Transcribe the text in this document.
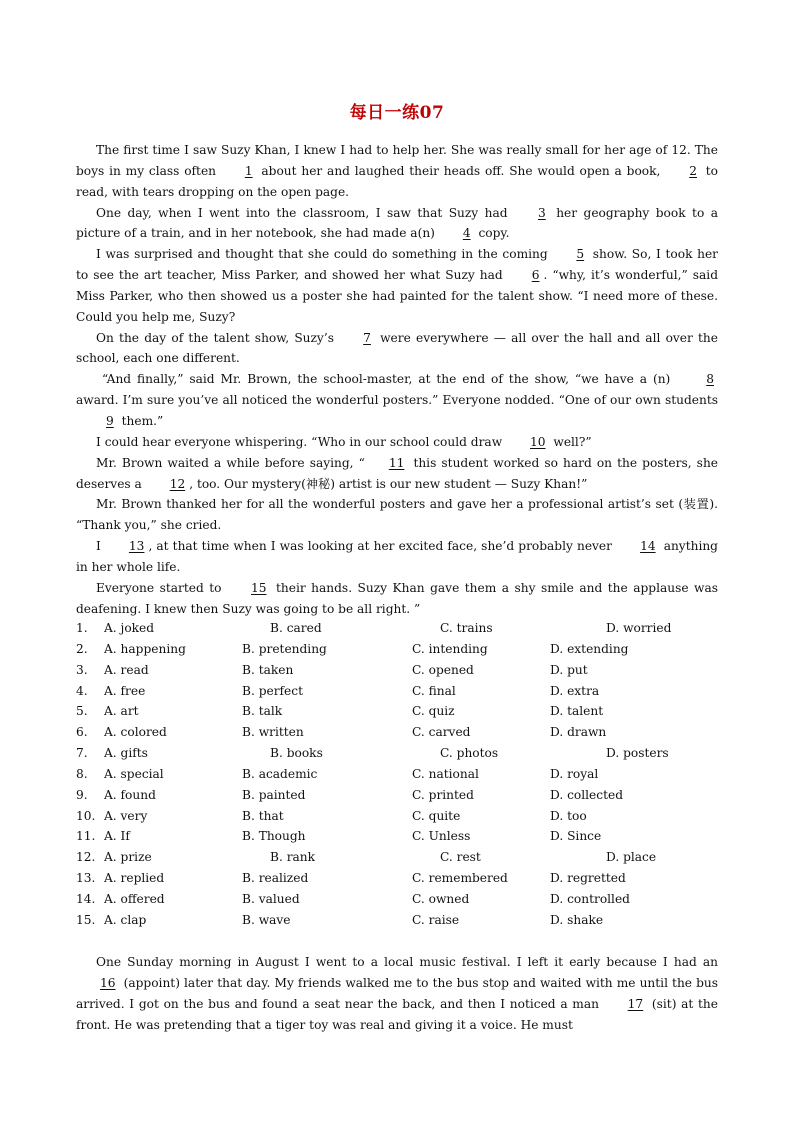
每日一练07

The first time I saw Suzy Khan, I knew I had to help her. She was really small for her age of 12. The boys in my class often 1 about her and laughed their heads off. She would open a book, 2 to read, with tears dropping on the open page.

One day, when I went into the classroom, I saw that Suzy had 3 her geography book to a picture of a train, and in her notebook, she had made a(n) 4 copy.

I was surprised and thought that she could do something in the coming 5 show. So, I took her to see the art teacher, Miss Parker, and showed her what Suzy had 6 . “why, it’s wonderful,” said Miss Parker, who then showed us a poster she had painted for the talent show. “I need more of these. Could you help me, Suzy?

On the day of the talent show, Suzy’s 7 were everywhere — all over the hall and all over the school, each one different.

“And finally,” said Mr. Brown, the school-master, at the end of the show, “we have a (n) 8 award. I’m sure you’ve all noticed the wonderful posters.” Everyone nodded. “One of our own students 9 them.”

I could hear everyone whispering. “Who in our school could draw 10 well?”

Mr. Brown waited a while before saying, “ 11 this student worked so hard on the posters, she deserves a 12 , too. Our mystery(神秘) artist is our new student — Suzy Khan!”

Mr. Brown thanked her for all the wonderful posters and gave her a professional artist’s set (装置). “Thank you,” she cried.

I 13 , at that time when I was looking at her excited face, she’d probably never 14 anything in her whole life.

Everyone started to 15 their hands. Suzy Khan gave them a shy smile and the applause was deafening. I knew then Suzy was going to be all right. ”

1. A. joked	B. cared	C. trains	D. worried
2. A. happening	B. pretending	C. intending	D. extending
3. A. read	B. taken	C. opened	D. put
4. A. free	B. perfect	C. final	D. extra
5. A. art	B. talk	C. quiz	D. talent
6. A. colored	B. written	C. carved	D. drawn
7. A. gifts	B. books	C. photos	D. posters
8. A. special	B. academic	C. national	D. royal
9. A. found	B. painted	C. printed	D. collected
10. A. very	B. that	C. quite	D. too
11. A. If	B. Though	C. Unless	D. Since
12. A. prize	B. rank	C. rest	D. place
13. A. replied	B. realized	C. remembered	D. regretted
14. A. offered	B. valued	C. owned	D. controlled
15. A. clap	B. wave	C. raise	D. shake

One Sunday morning in August I went to a local music festival. I left it early because I had an 16 (appoint) later that day. My friends walked me to the bus stop and waited with me until the bus arrived. I got on the bus and found a seat near the back, and then I noticed a man 17 (sit) at the front. He was pretending that a tiger toy was real and giving it a voice. He must
